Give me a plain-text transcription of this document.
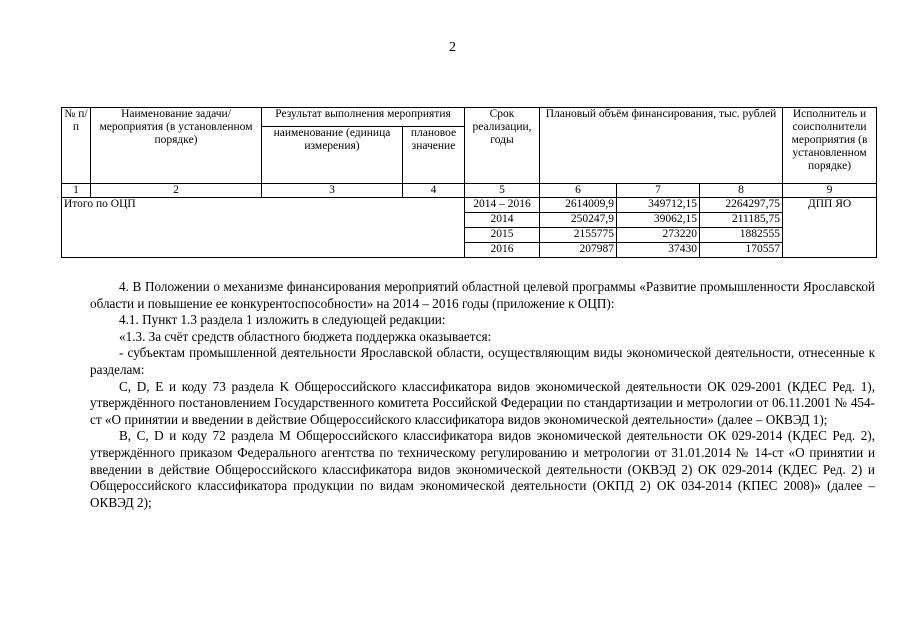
2
№ п/п	Наименование задачи/мероприятия (в установленном порядке)	Результат выполнения мероприятия		Срок реализации, годы	Плановый объём финансирования, тыс. рублей			Исполнитель и соисполнители мероприятия (в установленном порядке)
		наименование (единица измерения)	плановое значение					
1	2	3	4	5	6	7	8	9
Итого по ОЦП				2014 – 2016	2614009,9	349712,15	2264297,75	ДПП ЯО
				2014	250247,9	39062,15	211185,75	
				2015	2155775	273220	1882555	
				2016	207987	37430	170557	

4. В Положении о механизме финансирования мероприятий областной целевой программы «Развитие промышленности Ярославской области и повышение ее конкурентоспособности» на 2014 – 2016 годы (приложение к ОЦП):

4.1. Пункт 1.3 раздела 1 изложить в следующей редакции:

«1.3. За счёт средств областного бюджета поддержка оказывается:

- субъектам промышленной деятельности Ярославской области, осуществляющим виды экономической деятельности, отнесенные к разделам:

C, D, E и коду 73 раздела K Общероссийского классификатора видов экономической деятельности ОК 029-2001 (КДЕС Ред. 1), утверждённого постановлением Государственного комитета Российской Федерации по стандартизации и метрологии от 06.11.2001 № 454-ст «О принятии и введении в действие Общероссийского классификатора видов экономической деятельности» (далее – ОКВЭД 1);

B, C, D и коду 72 раздела M Общероссийского классификатора видов экономической деятельности ОК 029-2014 (КДЕС Ред. 2), утверждённого приказом Федерального агентства по техническому регулированию и метрологии от 31.01.2014 № 14-ст «О принятии и введении в действие Общероссийского классификатора видов экономической деятельности (ОКВЭД 2) ОК 029-2014 (КДЕС Ред. 2) и Общероссийского классификатора продукции по видам экономической деятельности (ОКПД 2) ОК 034-2014 (КПЕС 2008)» (далее – ОКВЭД 2);
